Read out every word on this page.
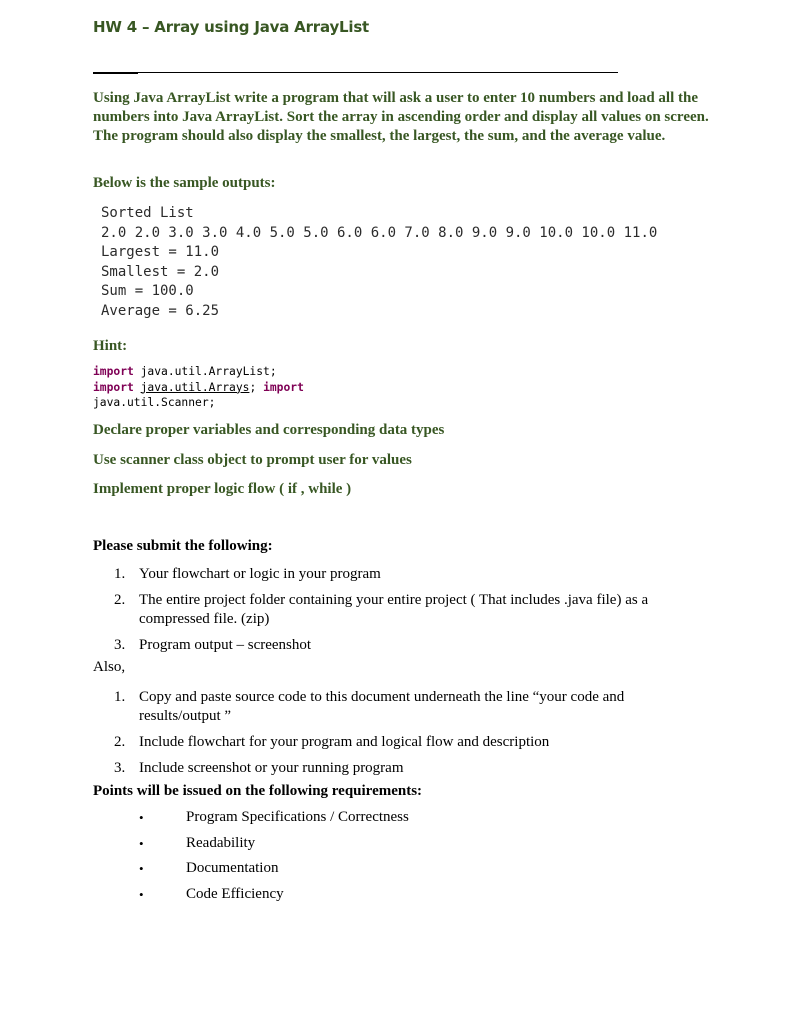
HW 4 – Array using Java ArrayList
Using Java ArrayList write a program that will ask a user to enter 10 numbers and load all the numbers into Java ArrayList. Sort the array in ascending order and display all values on screen. The program should also display the smallest, the largest, the sum, and the average value.
Below is the sample outputs:
Sorted List
2.0 2.0 3.0 3.0 4.0 5.0 5.0 6.0 6.0 7.0 8.0 9.0 9.0 10.0 10.0 11.0
Largest = 11.0
Smallest = 2.0
Sum = 100.0
Average = 6.25
Hint:
import java.util.ArrayList;
import java.util.Arrays; import
java.util.Scanner;
Declare proper variables and corresponding data types
Use scanner class object to prompt user for values
Implement proper logic flow ( if , while )
Please submit the following:
1. Your flowchart or logic in your program
2. The entire project folder containing your entire project ( That includes .java file) as a compressed file. (zip)
3. Program output – screenshot
Also,
1. Copy and paste source code to this document underneath the line “your code and results/output ”
2. Include flowchart for your program and logical flow and description
3. Include screenshot or your running program
Points will be issued on the following requirements:
•	Program Specifications / Correctness
•	Readability
•	Documentation
•	Code Efficiency
